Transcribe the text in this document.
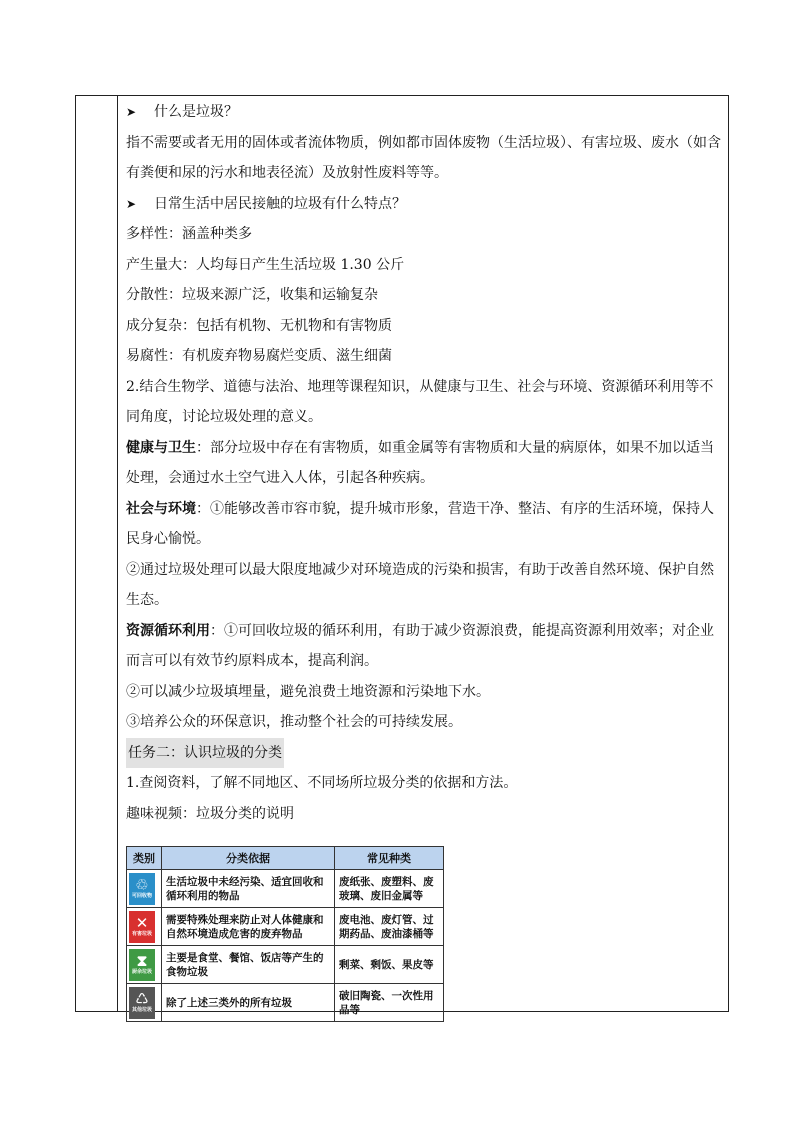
➤ 什么是垃圾？

指不需要或者无用的固体或者流体物质，例如都市固体废物（生活垃圾）、有害垃圾、废水（如含有粪便和尿的污水和地表径流）及放射性废料等等。

➤ 日常生活中居民接触的垃圾有什么特点？

多样性：涵盖种类多

产生量大：人均每日产生生活垃圾 1.30 公斤

分散性：垃圾来源广泛，收集和运输复杂

成分复杂：包括有机物、无机物和有害物质

易腐性：有机废弃物易腐烂变质、滋生细菌

2.结合生物学、道德与法治、地理等课程知识，从健康与卫生、社会与环境、资源循环利用等不同角度，讨论垃圾处理的意义。

健康与卫生：部分垃圾中存在有害物质，如重金属等有害物质和大量的病原体，如果不加以适当处理，会通过水土空气进入人体，引起各种疾病。

社会与环境：①能够改善市容市貌，提升城市形象，营造干净、整洁、有序的生活环境，保持人民身心愉悦。

②通过垃圾处理可以最大限度地减少对环境造成的污染和损害，有助于改善自然环境、保护自然生态。

资源循环利用：①可回收垃圾的循环利用，有助于减少资源浪费，能提高资源利用效率；对企业而言可以有效节约原料成本，提高利润。

②可以减少垃圾填埋量，避免浪费土地资源和污染地下水。

③培养公众的环保意识，推动整个社会的可持续发展。

任务二：认识垃圾的分类

1.查阅资料，了解不同地区、不同场所垃圾分类的依据和方法。

趣味视频：垃圾分类的说明

类别	分类依据	常见种类

♲
可回收物	生活垃圾中未经污染、适宜回收和循环利用的物品	废纸张、废塑料、废玻璃、废旧金属等

✕
有害垃圾	需要特殊处理来防止对人体健康和自然环境造成危害的废弃物品	废电池、废灯管、过期药品、废油漆桶等

⧗
厨余垃圾	主要是食堂、餐馆、饭店等产生的食物垃圾	剩菜、剩饭、果皮等

♺
其他垃圾	除了上述三类外的所有垃圾	破旧陶瓷、一次性用品等
